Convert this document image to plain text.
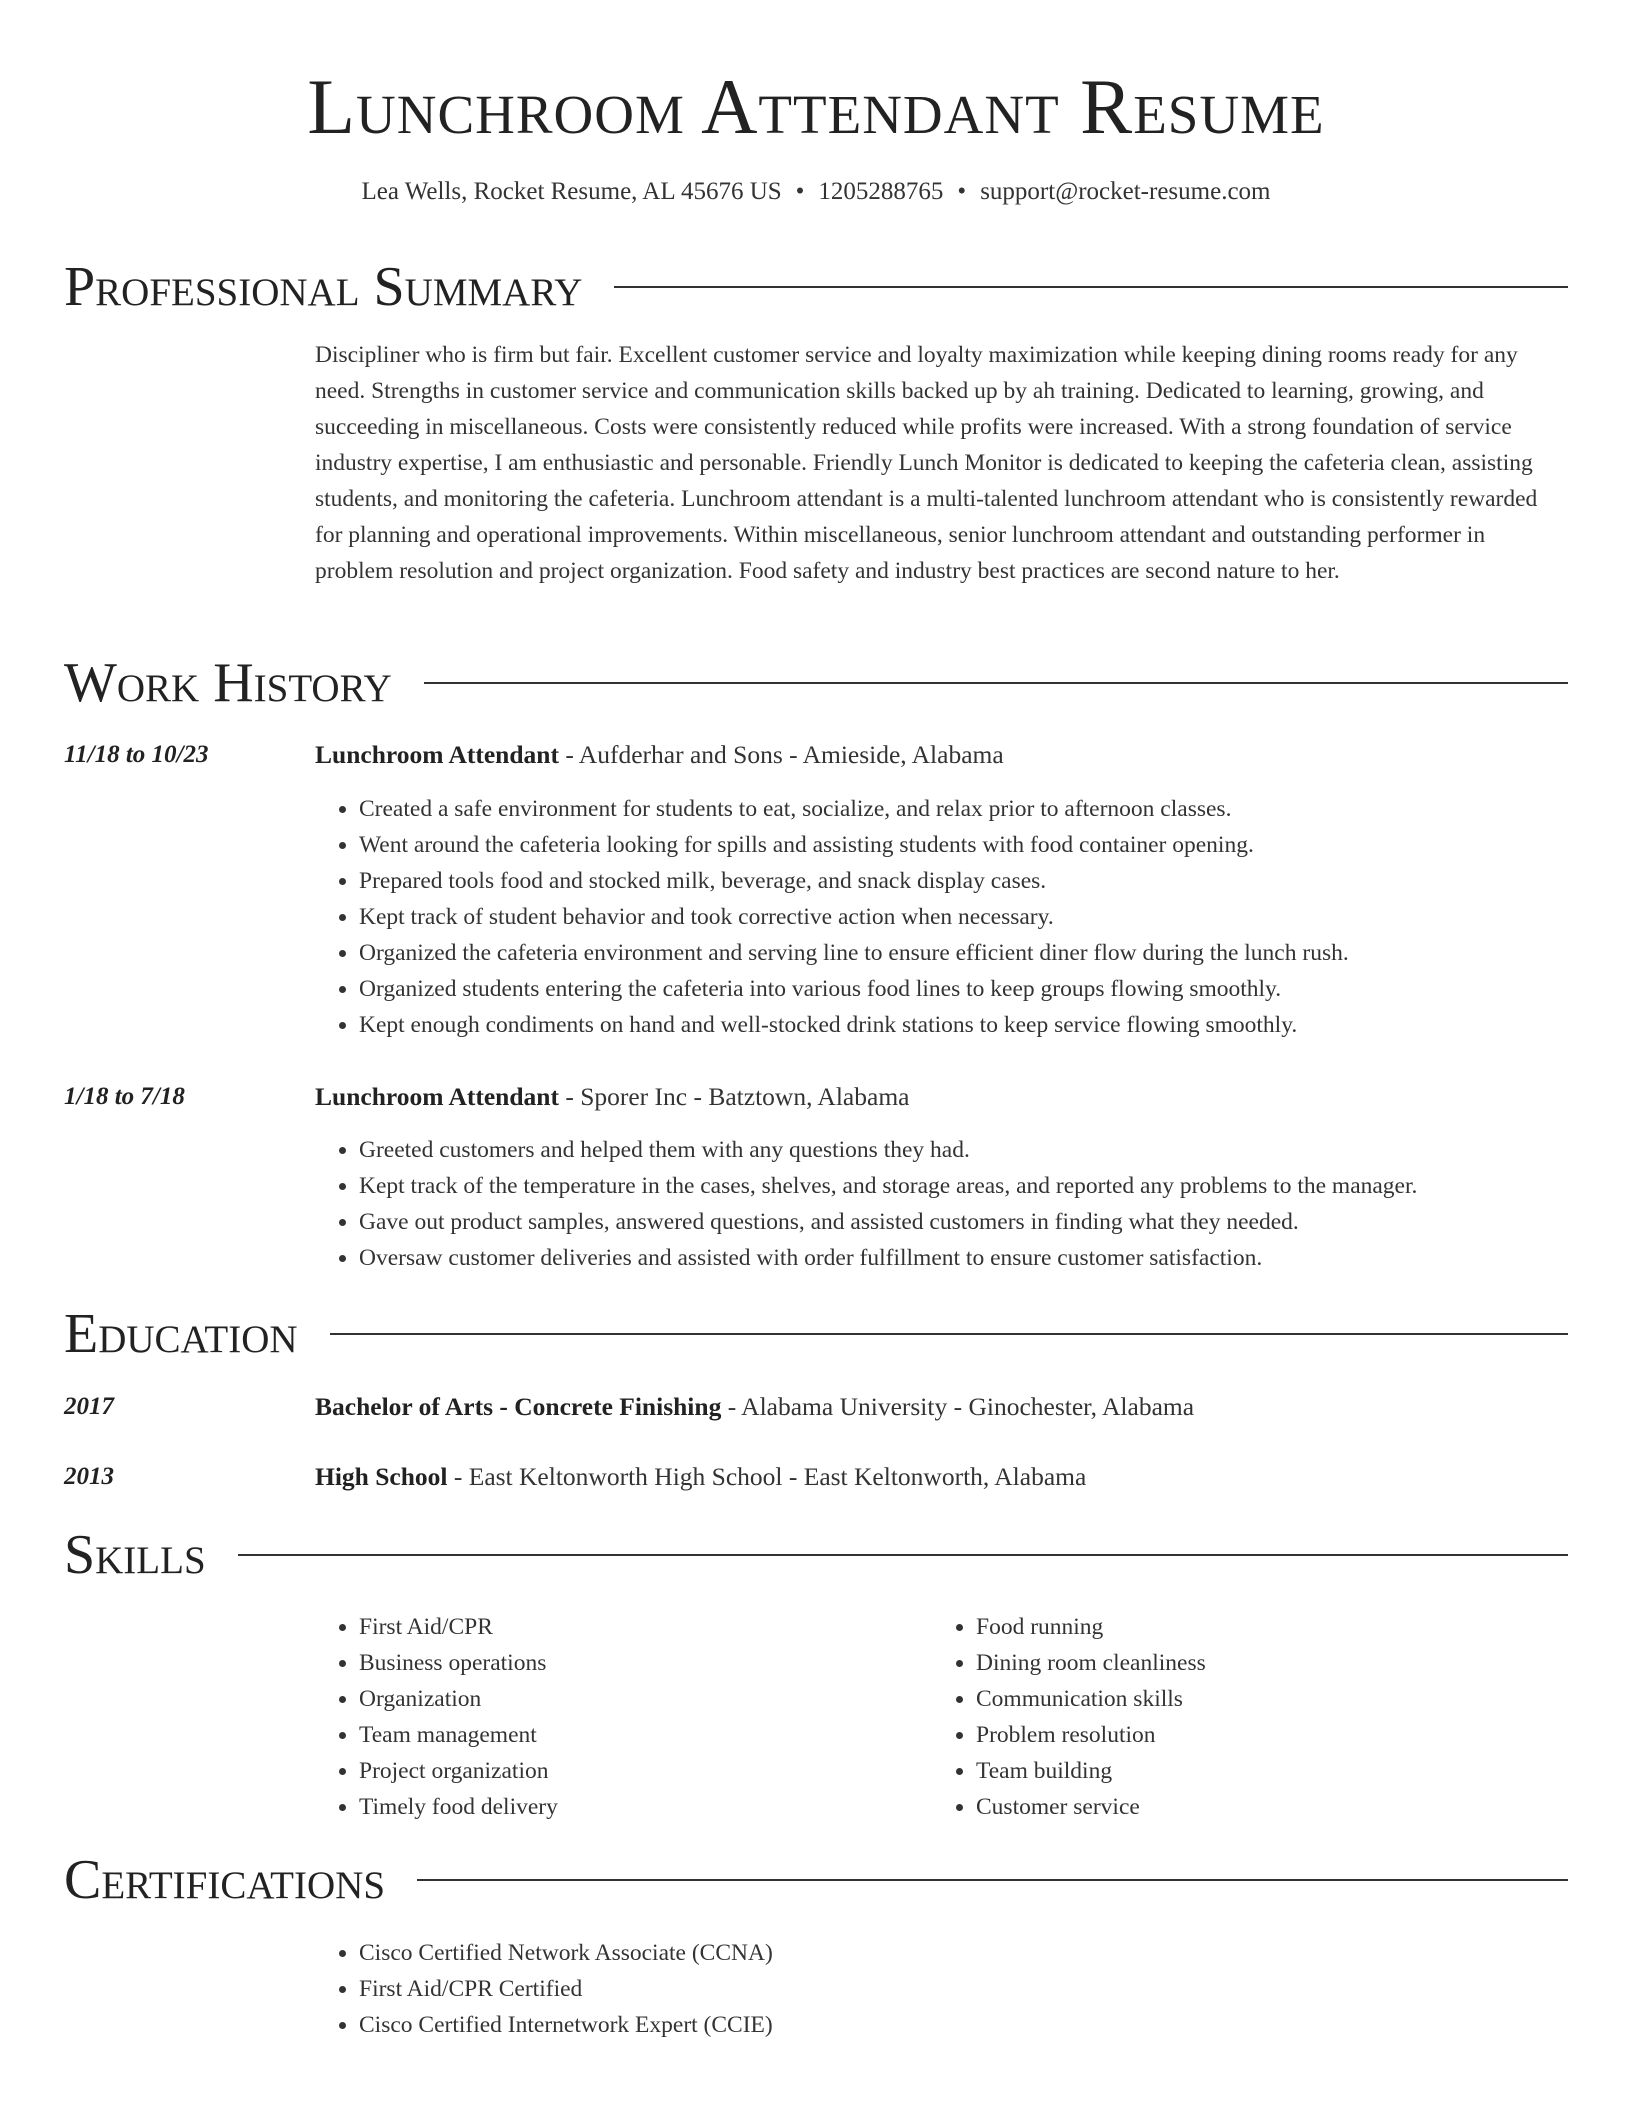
Lunchroom Attendant Resume
Lea Wells, Rocket Resume, AL 45676 US • 1205288765 • support@rocket-resume.com
Professional Summary
Discipliner who is firm but fair. Excellent customer service and loyalty maximization while keeping dining rooms ready for any need. Strengths in customer service and communication skills backed up by ah training. Dedicated to learning, growing, and succeeding in miscellaneous. Costs were consistently reduced while profits were increased. With a strong foundation of service industry expertise, I am enthusiastic and personable. Friendly Lunch Monitor is dedicated to keeping the cafeteria clean, assisting students, and monitoring the cafeteria. Lunchroom attendant is a multi-talented lunchroom attendant who is consistently rewarded for planning and operational improvements. Within miscellaneous, senior lunchroom attendant and outstanding performer in problem resolution and project organization. Food safety and industry best practices are second nature to her.
Work History
11/18 to 10/23	Lunchroom Attendant - Aufderhar and Sons - Amieside, Alabama
• Created a safe environment for students to eat, socialize, and relax prior to afternoon classes.
• Went around the cafeteria looking for spills and assisting students with food container opening.
• Prepared tools food and stocked milk, beverage, and snack display cases.
• Kept track of student behavior and took corrective action when necessary.
• Organized the cafeteria environment and serving line to ensure efficient diner flow during the lunch rush.
• Organized students entering the cafeteria into various food lines to keep groups flowing smoothly.
• Kept enough condiments on hand and well-stocked drink stations to keep service flowing smoothly.
1/18 to 7/18	Lunchroom Attendant - Sporer Inc - Batztown, Alabama
• Greeted customers and helped them with any questions they had.
• Kept track of the temperature in the cases, shelves, and storage areas, and reported any problems to the manager.
• Gave out product samples, answered questions, and assisted customers in finding what they needed.
• Oversaw customer deliveries and assisted with order fulfillment to ensure customer satisfaction.
Education
2017	Bachelor of Arts - Concrete Finishing - Alabama University - Ginochester, Alabama
2013	High School - East Keltonworth High School - East Keltonworth, Alabama
Skills
• First Aid/CPR
• Business operations
• Organization
• Team management
• Project organization
• Timely food delivery
• Food running
• Dining room cleanliness
• Communication skills
• Problem resolution
• Team building
• Customer service
Certifications
• Cisco Certified Network Associate (CCNA)
• First Aid/CPR Certified
• Cisco Certified Internetwork Expert (CCIE)
